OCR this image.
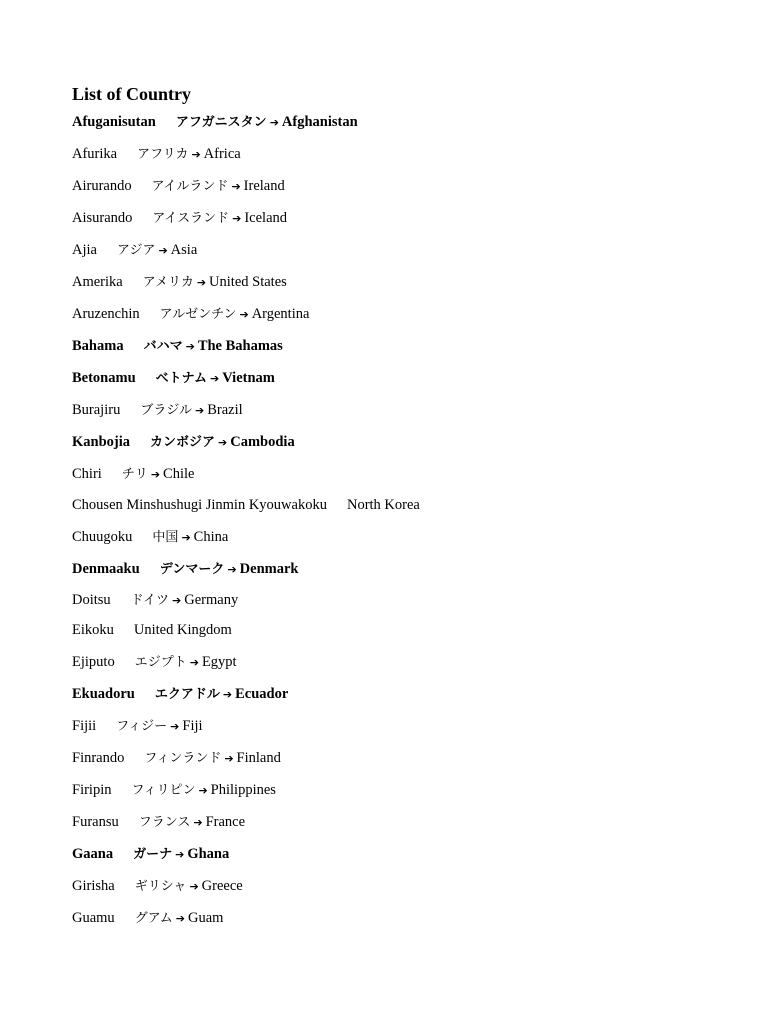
List of Country
Afuganisutan アフガニスタン ➔ Afghanistan
Afurika アフリカ ➔ Africa
Airurando アイルランド ➔ Ireland
Aisurando アイスランド ➔ Iceland
Ajia アジア ➔ Asia
Amerika アメリカ ➔ United States
Aruzenchin アルゼンチン ➔ Argentina
Bahama バハマ ➔ The Bahamas
Betonamu ベトナム ➔ Vietnam
Burajiru ブラジル ➔ Brazil
Kanbojia カンボジア ➔ Cambodia
Chiri チリ ➔ Chile
Chousen Minshushugi Jinmin Kyouwakoku North Korea
Chuugoku 中国 ➔ China
Denmaaku デンマーク ➔ Denmark
Doitsu ドイツ ➔ Germany
Eikoku United Kingdom
Ejiputo エジプト ➔ Egypt
Ekuadoru エクアドル ➔ Ecuador
Fijii フィジー ➔ Fiji
Finrando フィンランド ➔ Finland
Firipin フィリピン ➔ Philippines
Furansu フランス ➔ France
Gaana ガーナ ➔ Ghana
Girisha ギリシャ ➔ Greece
Guamu グアム ➔ Guam
